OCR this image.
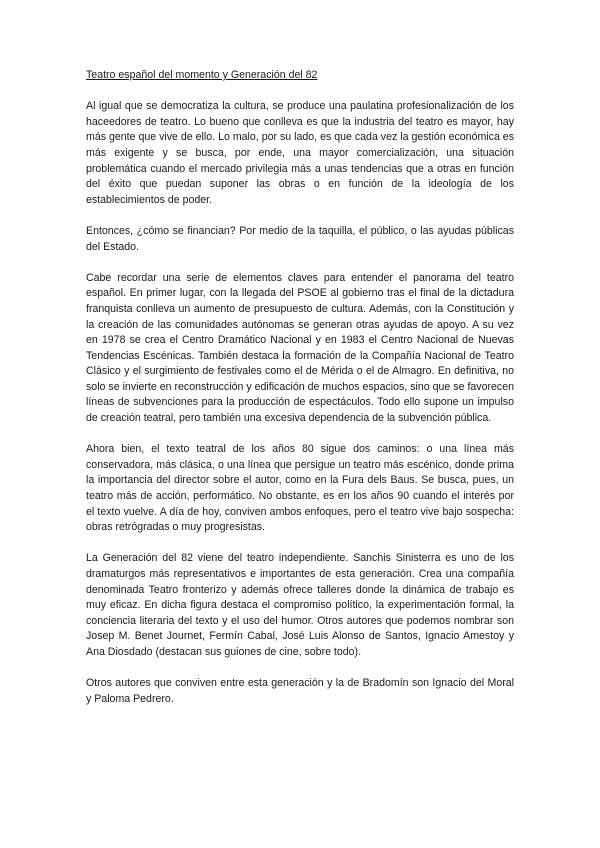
Teatro español del momento y Generación del 82

Al igual que se democratiza la cultura, se produce una paulatina profesionalización de los haceedores de teatro. Lo bueno que conlleva es que la industria del teatro es mayor, hay más gente que vive de ello. Lo malo, por su lado, es que cada vez la gestión económica es más exigente y se busca, por ende, una mayor comercialización, una situación problemática cuando el mercado privilegia más a unas tendencias que a otras en función del éxito que puedan suponer las obras o en función de la ideología de los establecimientos de poder.

Entonces, ¿cómo se financian? Por medio de la taquilla, el público, o las ayudas públicas del Estado.

Cabe recordar una serie de elementos claves para entender el panorama del teatro español. En primer lugar, con la llegada del PSOE al gobierno tras el final de la dictadura franquista conlleva un aumento de presupuesto de cultura. Además, con la Constitución y la creación de las comunidades autónomas se generan otras ayudas de apoyo. A su vez en 1978 se crea el Centro Dramático Nacional y en 1983 el Centro Nacional de Nuevas Tendencias Escénicas. También destaca la formación de la Compañía Nacional de Teatro Clásico y el surgimiento de festivales como el de Mérida o el de Almagro. En definitiva, no solo se invierte en reconstrucción y edificación de muchos espacios, sino que se favorecen líneas de subvenciones para la producción de espectáculos. Todo ello supone un impulso de creación teatral, pero también una excesiva dependencia de la subvención pública.

Ahora bien, el texto teatral de los años 80 sigue dos caminos: o una línea más conservadora, más clásica, o una línea que persigue un teatro más escénico, donde prima la importancia del director sobre el autor, como en la Fura dels Baus. Se busca, pues, un teatro más de acción, performático. No obstante, es en los años 90 cuando el interés por el texto vuelve. A día de hoy, conviven ambos enfoques, pero el teatro vive bajo sospecha: obras retrógradas o muy progresistas.

La Generación del 82 viene del teatro independiente. Sanchis Sinisterra es uno de los dramaturgos más representativos e importantes de esta generación. Crea una compañía denominada Teatro fronterizo y además ofrece talleres donde la dinámica de trabajo es muy eficaz. En dicha figura destaca el compromiso político, la experimentación formal, la conciencia literaria del texto y el uso del humor. Otros autores que podemos nombrar son Josep M. Benet Journet, Fermín Cabal, José Luis Alonso de Santos, Ignacio Amestoy y Ana Diosdado (destacan sus guiones de cine, sobre todo).

Otros autores que conviven entre esta generación y la de Bradomín son Ignacio del Moral y Paloma Pedrero.
